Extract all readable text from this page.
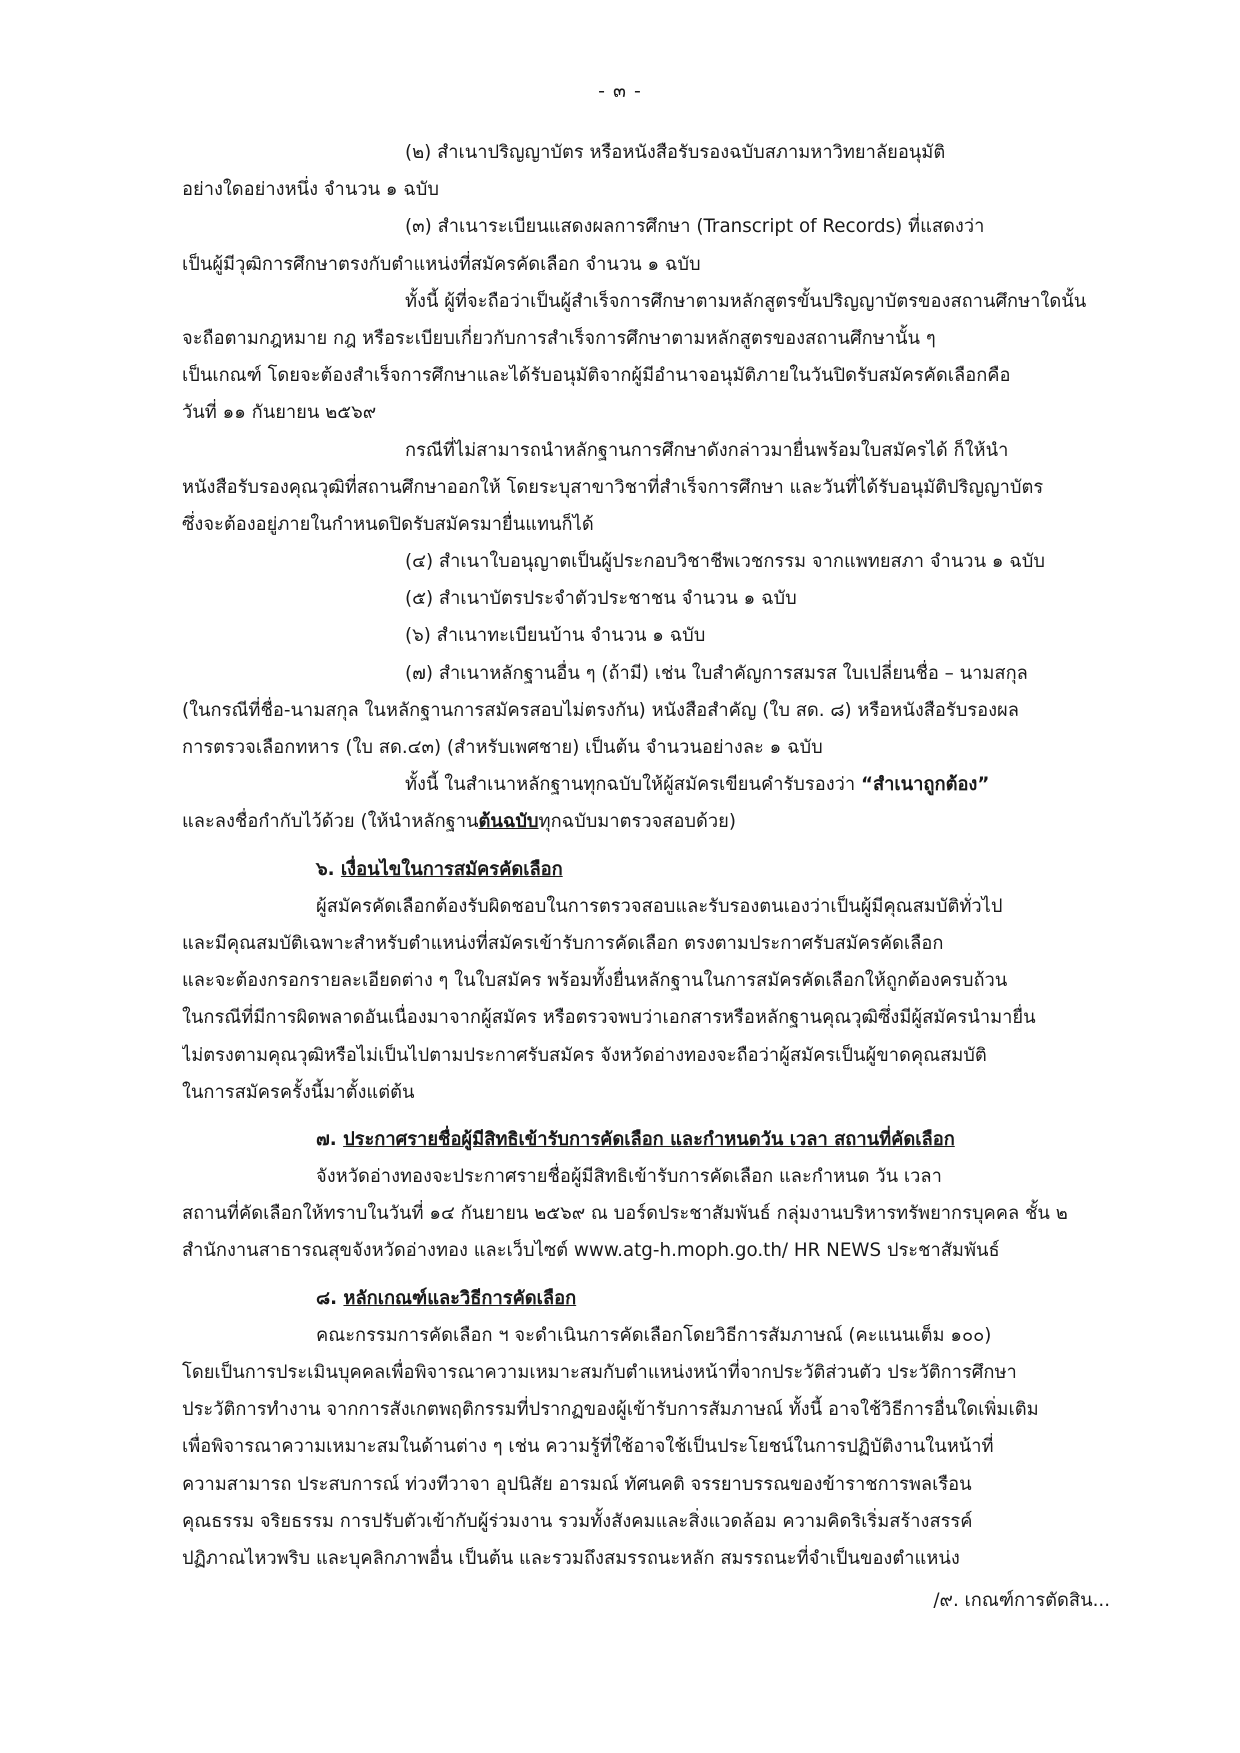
- ๓ -
(๒) สำเนาปริญญาบัตร หรือหนังสือรับรองฉบับสภามหาวิทยาลัยอนุมัติ
อย่างใดอย่างหนึ่ง จำนวน ๑ ฉบับ
(๓) สำเนาระเบียนแสดงผลการศึกษา (Transcript of Records) ที่แสดงว่า
เป็นผู้มีวุฒิการศึกษาตรงกับตำแหน่งที่สมัครคัดเลือก จำนวน ๑ ฉบับ
ทั้งนี้ ผู้ที่จะถือว่าเป็นผู้สำเร็จการศึกษาตามหลักสูตรขั้นปริญญาบัตรของสถานศึกษาใดนั้น
จะถือตามกฎหมาย กฎ หรือระเบียบเกี่ยวกับการสำเร็จการศึกษาตามหลักสูตรของสถานศึกษานั้น ๆ
เป็นเกณฑ์ โดยจะต้องสำเร็จการศึกษาและได้รับอนุมัติจากผู้มีอำนาจอนุมัติภายในวันปิดรับสมัครคัดเลือกคือ
วันที่ ๑๑ กันยายน ๒๕๖๙
กรณีที่ไม่สามารถนำหลักฐานการศึกษาดังกล่าวมายื่นพร้อมใบสมัครได้ ก็ให้นำ
หนังสือรับรองคุณวุฒิที่สถานศึกษาออกให้ โดยระบุสาขาวิชาที่สำเร็จการศึกษา และวันที่ได้รับอนุมัติปริญญาบัตร
ซึ่งจะต้องอยู่ภายในกำหนดปิดรับสมัครมายื่นแทนก็ได้
(๔) สำเนาใบอนุญาตเป็นผู้ประกอบวิชาชีพเวชกรรม จากแพทยสภา จำนวน ๑ ฉบับ
(๕) สำเนาบัตรประจำตัวประชาชน จำนวน ๑ ฉบับ
(๖) สำเนาทะเบียนบ้าน จำนวน ๑ ฉบับ
(๗) สำเนาหลักฐานอื่น ๆ (ถ้ามี) เช่น ใบสำคัญการสมรส ใบเปลี่ยนชื่อ – นามสกุล
(ในกรณีที่ชื่อ-นามสกุล ในหลักฐานการสมัครสอบไม่ตรงกัน) หนังสือสำคัญ (ใบ สด. ๘) หรือหนังสือรับรองผล
การตรวจเลือกทหาร (ใบ สด.๔๓) (สำหรับเพศชาย) เป็นต้น จำนวนอย่างละ ๑ ฉบับ
ทั้งนี้ ในสำเนาหลักฐานทุกฉบับให้ผู้สมัครเขียนคำรับรองว่า “สำเนาถูกต้อง”
และลงชื่อกำกับไว้ด้วย (ให้นำหลักฐานต้นฉบับทุกฉบับมาตรวจสอบด้วย)
๖. เงื่อนไขในการสมัครคัดเลือก
ผู้สมัครคัดเลือกต้องรับผิดชอบในการตรวจสอบและรับรองตนเองว่าเป็นผู้มีคุณสมบัติทั่วไป
และมีคุณสมบัติเฉพาะสำหรับตำแหน่งที่สมัครเข้ารับการคัดเลือก ตรงตามประกาศรับสมัครคัดเลือก
และจะต้องกรอกรายละเอียดต่าง ๆ ในใบสมัคร พร้อมทั้งยื่นหลักฐานในการสมัครคัดเลือกให้ถูกต้องครบถ้วน
ในกรณีที่มีการผิดพลาดอันเนื่องมาจากผู้สมัคร หรือตรวจพบว่าเอกสารหรือหลักฐานคุณวุฒิซึ่งมีผู้สมัครนำมายื่น
ไม่ตรงตามคุณวุฒิหรือไม่เป็นไปตามประกาศรับสมัคร จังหวัดอ่างทองจะถือว่าผู้สมัครเป็นผู้ขาดคุณสมบัติ
ในการสมัครครั้งนี้มาตั้งแต่ต้น
๗. ประกาศรายชื่อผู้มีสิทธิเข้ารับการคัดเลือก และกำหนดวัน เวลา สถานที่คัดเลือก
จังหวัดอ่างทองจะประกาศรายชื่อผู้มีสิทธิเข้ารับการคัดเลือก และกำหนด วัน เวลา
สถานที่คัดเลือกให้ทราบในวันที่ ๑๔ กันยายน ๒๕๖๙ ณ บอร์ดประชาสัมพันธ์ กลุ่มงานบริหารทรัพยากรบุคคล ชั้น ๒
สำนักงานสาธารณสุขจังหวัดอ่างทอง และเว็บไซต์ www.atg-h.moph.go.th/ HR NEWS ประชาสัมพันธ์
๘. หลักเกณฑ์และวิธีการคัดเลือก
คณะกรรมการคัดเลือก ฯ จะดำเนินการคัดเลือกโดยวิธีการสัมภาษณ์ (คะแนนเต็ม ๑๐๐)
โดยเป็นการประเมินบุคคลเพื่อพิจารณาความเหมาะสมกับตำแหน่งหน้าที่จากประวัติส่วนตัว ประวัติการศึกษา
ประวัติการทำงาน จากการสังเกตพฤติกรรมที่ปรากฏของผู้เข้ารับการสัมภาษณ์ ทั้งนี้ อาจใช้วิธีการอื่นใดเพิ่มเติม
เพื่อพิจารณาความเหมาะสมในด้านต่าง ๆ เช่น ความรู้ที่ใช้อาจใช้เป็นประโยชน์ในการปฏิบัติงานในหน้าที่
ความสามารถ ประสบการณ์ ท่วงทีวาจา อุปนิสัย อารมณ์ ทัศนคติ จรรยาบรรณของข้าราชการพลเรือน
คุณธรรม จริยธรรม การปรับตัวเข้ากับผู้ร่วมงาน รวมทั้งสังคมและสิ่งแวดล้อม ความคิดริเริ่มสร้างสรรค์
ปฏิภาณไหวพริบ และบุคลิกภาพอื่น เป็นต้น และรวมถึงสมรรถนะหลัก สมรรถนะที่จำเป็นของตำแหน่ง
/๙. เกณฑ์การตัดสิน...
